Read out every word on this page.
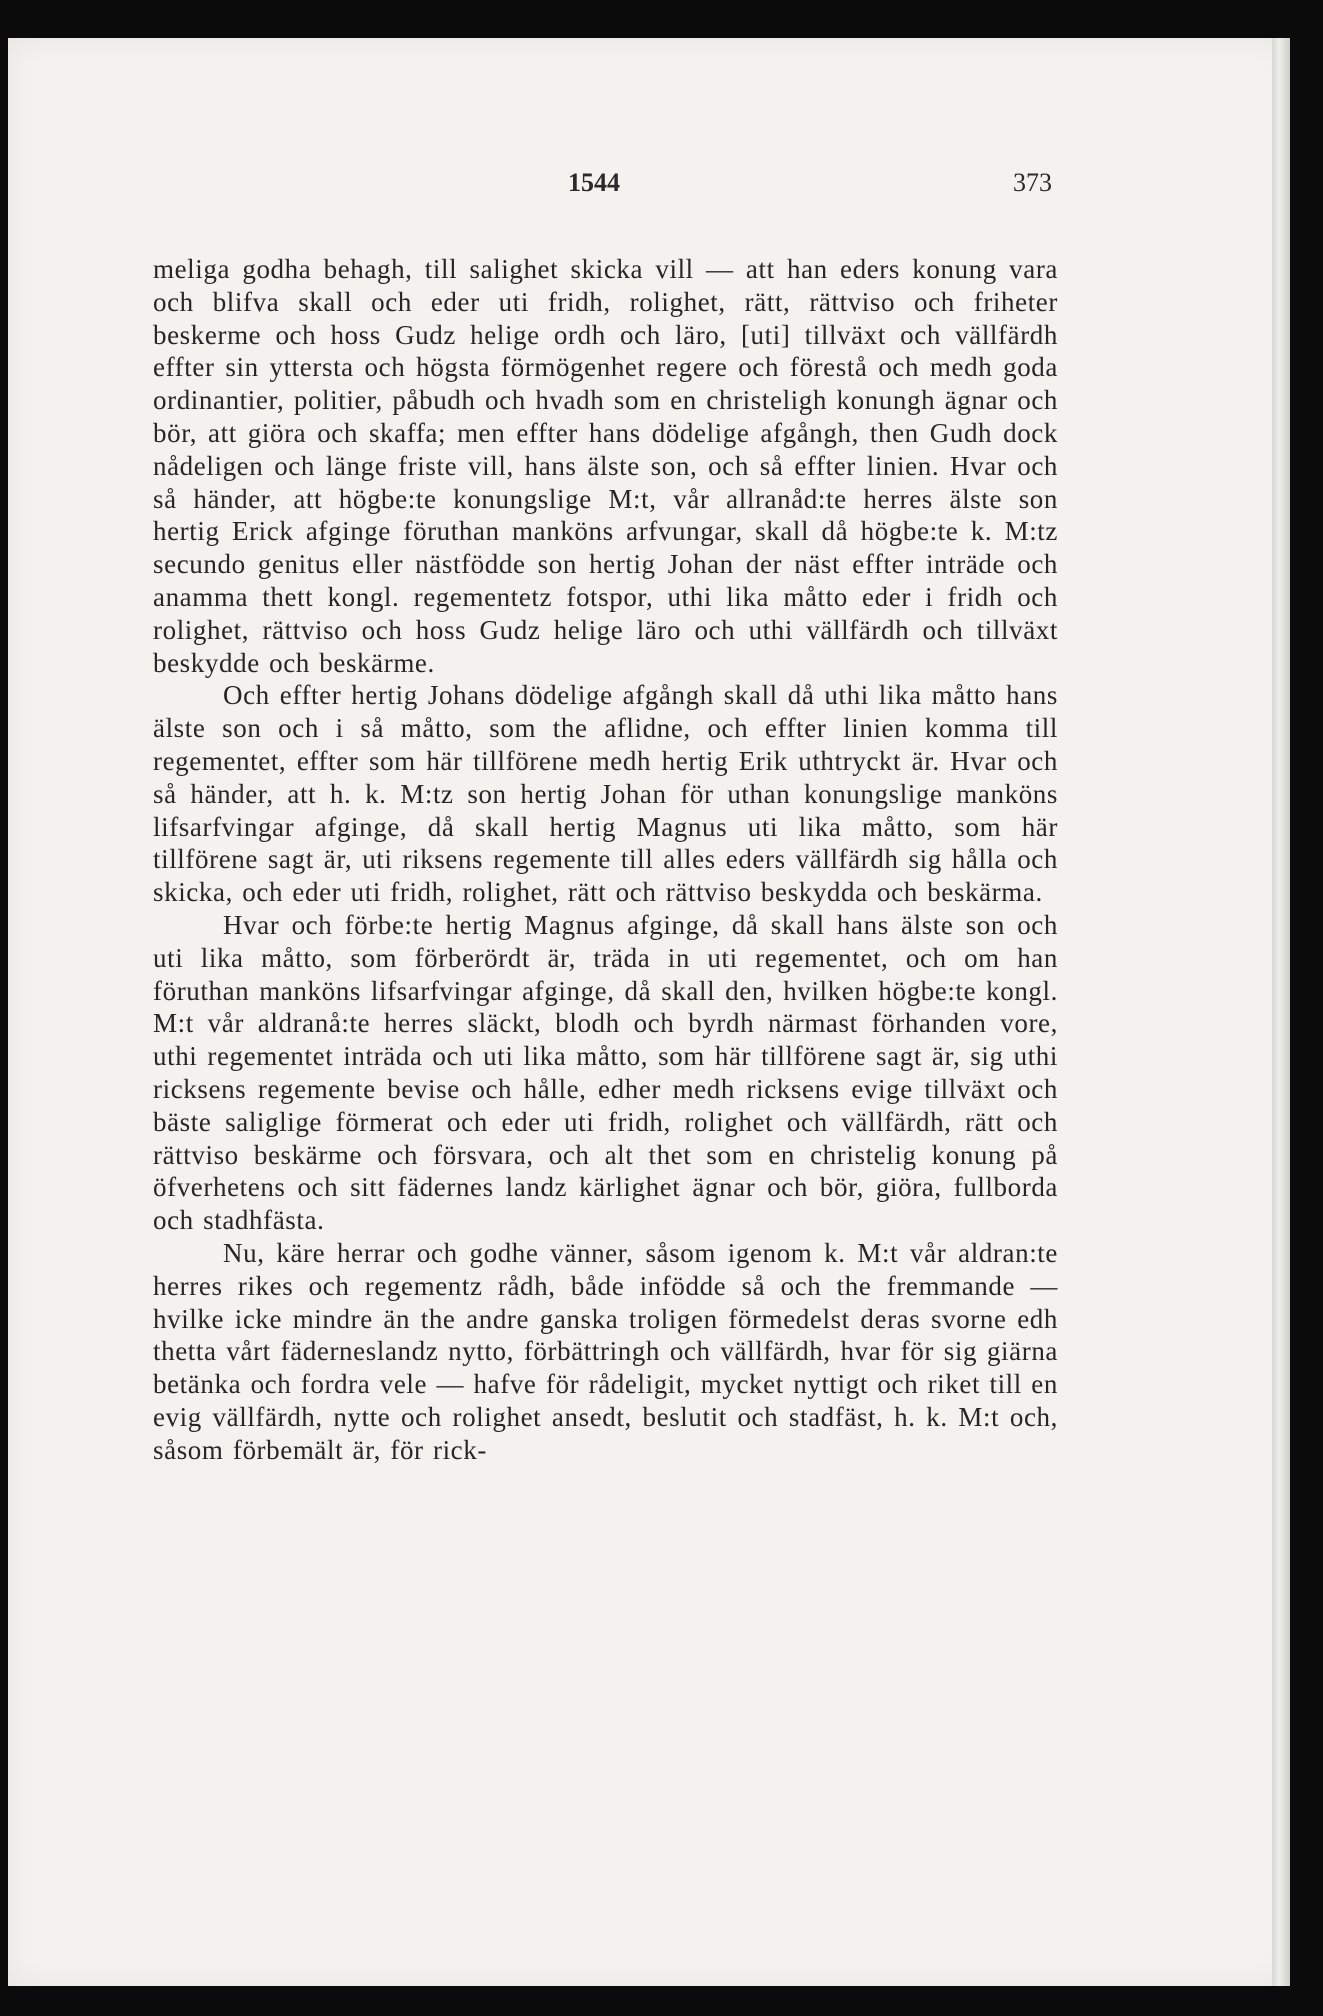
1544	373

meliga godha behagh, till salighet skicka vill — att han eders konung vara och blifva skall och eder uti fridh, rolighet, rätt, rättviso och friheter beskerme och hoss Gudz helige ordh och läro, [uti] tillväxt och vällfärdh effter sin yttersta och högsta förmögenhet regere och förestå och medh goda ordinantier, politier, påbudh och hvadh som en christeligh konungh ägnar och bör, att giöra och skaffa; men effter hans dödelige afgångh, then Gudh dock nådeligen och länge friste vill, hans älste son, och så effter linien. Hvar och så händer, att högbe:te konungslige M:t, vår allranåd:te herres älste son hertig Erick afginge föruthan manköns arfvungar, skall då högbe:te k. M:tz secundo genitus eller nästfödde son hertig Johan der näst effter inträde och anamma thett kongl. regementetz fotspor, uthi lika måtto eder i fridh och rolighet, rättviso och hoss Gudz helige läro och uthi vällfärdh och tillväxt beskydde och beskärme.

Och effter hertig Johans dödelige afgångh skall då uthi lika måtto hans älste son och i så måtto, som the aflidne, och effter linien komma till regementet, effter som här tillförene medh hertig Erik uthtryckt är. Hvar och så händer, att h. k. M:tz son hertig Johan för uthan konungslige manköns lifsarfvingar afginge, då skall hertig Magnus uti lika måtto, som här tillförene sagt är, uti riksens regemente till alles eders vällfärdh sig hålla och skicka, och eder uti fridh, rolighet, rätt och rättviso beskydda och beskärma.

Hvar och förbe:te hertig Magnus afginge, då skall hans älste son och uti lika måtto, som förberördt är, träda in uti regementet, och om han föruthan manköns lifsarfvingar afginge, då skall den, hvilken högbe:te kongl. M:t vår aldranå:te herres släckt, blodh och byrdh närmast förhanden vore, uthi regementet inträda och uti lika måtto, som här tillförene sagt är, sig uthi ricksens regemente bevise och hålle, edher medh ricksens evige tillväxt och bäste saliglige förmerat och eder uti fridh, rolighet och vällfärdh, rätt och rättviso beskärme och försvara, och alt thet som en christelig konung på öfverhetens och sitt fädernes landz kärlighet ägnar och bör, giöra, fullborda och stadhfästa.

Nu, käre herrar och godhe vänner, såsom igenom k. M:t vår aldran:te herres rikes och regementz rådh, både infödde så och the fremmande — hvilke icke mindre än the andre ganska troligen förmedelst deras svorne edh thetta vårt fäderneslandz nytto, förbättringh och vällfärdh, hvar för sig giärna betänka och fordra vele — hafve för rådeligit, mycket nyttigt och riket till en evig vällfärdh, nytte och rolighet ansedt, beslutit och stadfäst, h. k. M:t och, såsom förbemält är, för rick-
